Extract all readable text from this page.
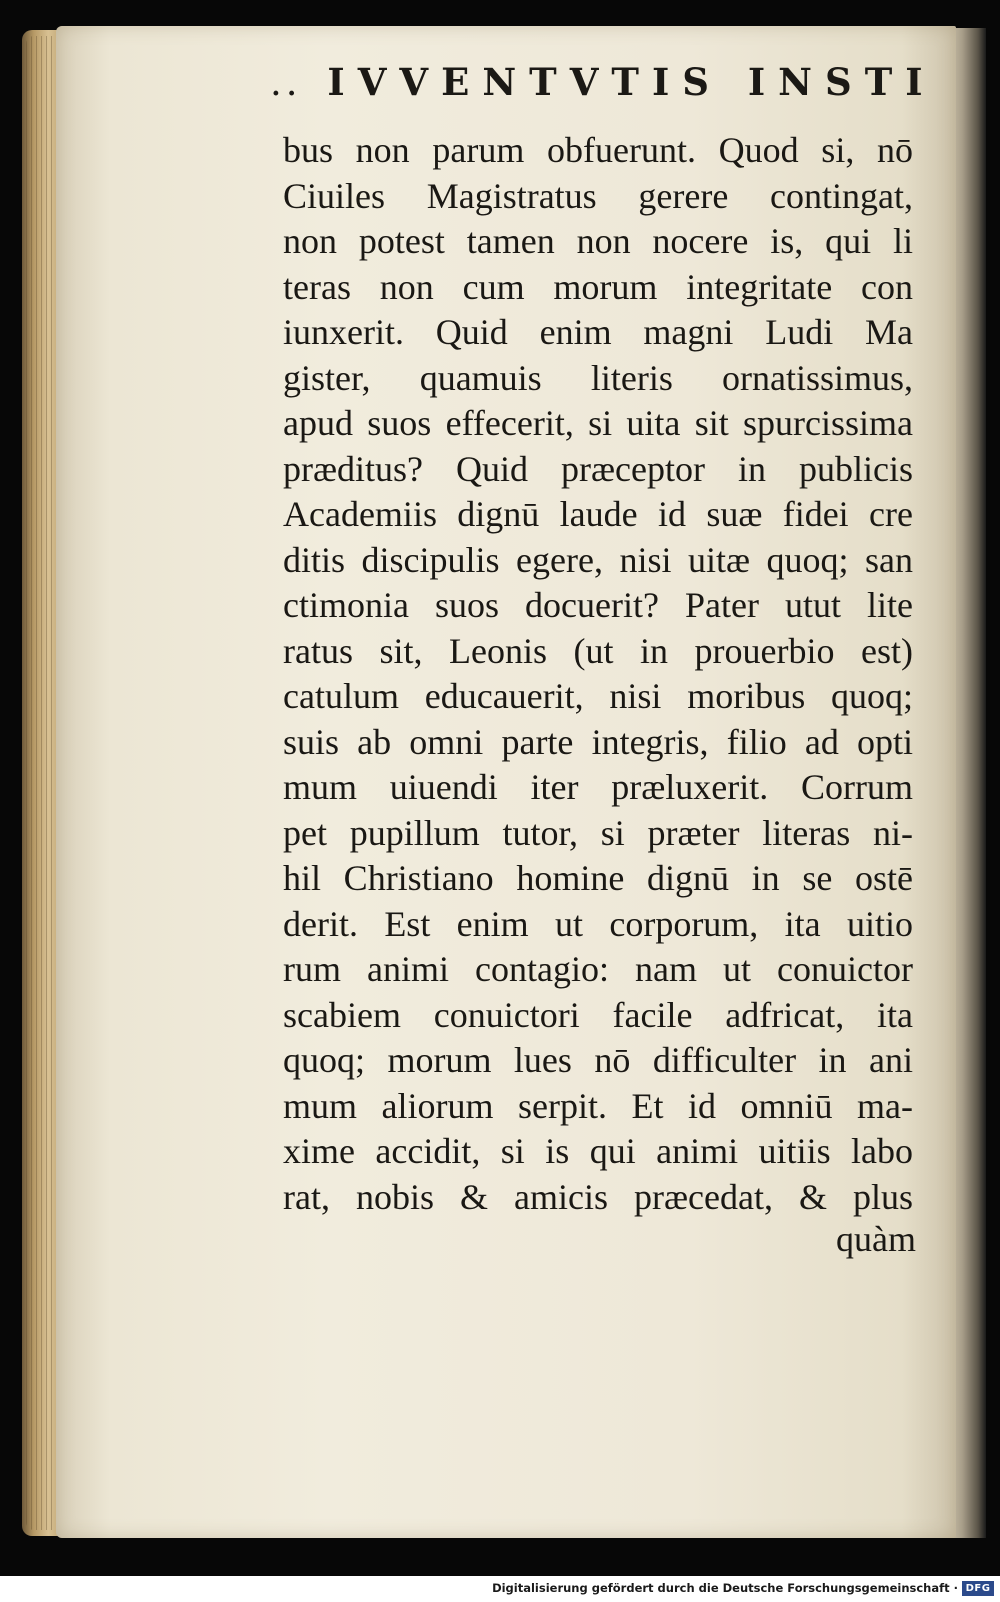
.. IVVENTVTIS INSTI
bus non parum obfuerunt. Quod si, nō
Ciuiles Magistratus gerere contingat,
non potest tamen non nocere is, qui li
teras non cum morum integritate con
iunxerit. Quid enim magni Ludi Ma
gister, quamuis literis ornatissimus,
apud suos effecerit, si uita sit spurcissima
præditus? Quid præceptor in publicis
Academiis dignū laude id suæ fidei cre
ditis discipulis egere, nisi uitæ quoq; san
ctimonia suos docuerit? Pater utut lite
ratus sit, Leonis (ut in prouerbio est)
catulum educauerit, nisi moribus quoq;
suis ab omni parte integris, filio ad opti
mum uiuendi iter præluxerit. Corrum
pet pupillum tutor, si præter literas ni-
hil Christiano homine dignū in se ostē
derit. Est enim ut corporum, ita uitio
rum animi contagio: nam ut conuictor
scabiem conuictori facile adfricat, ita
quoq; morum lues nō difficulter in ani
mum aliorum serpit. Et id omniū ma-
xime accidit, si is qui animi uitiis labo
rat, nobis & amicis præcedat, & plus
quàm
Digitalisierung gefördert durch die Deutsche Forschungsgemeinschaft · DFG
